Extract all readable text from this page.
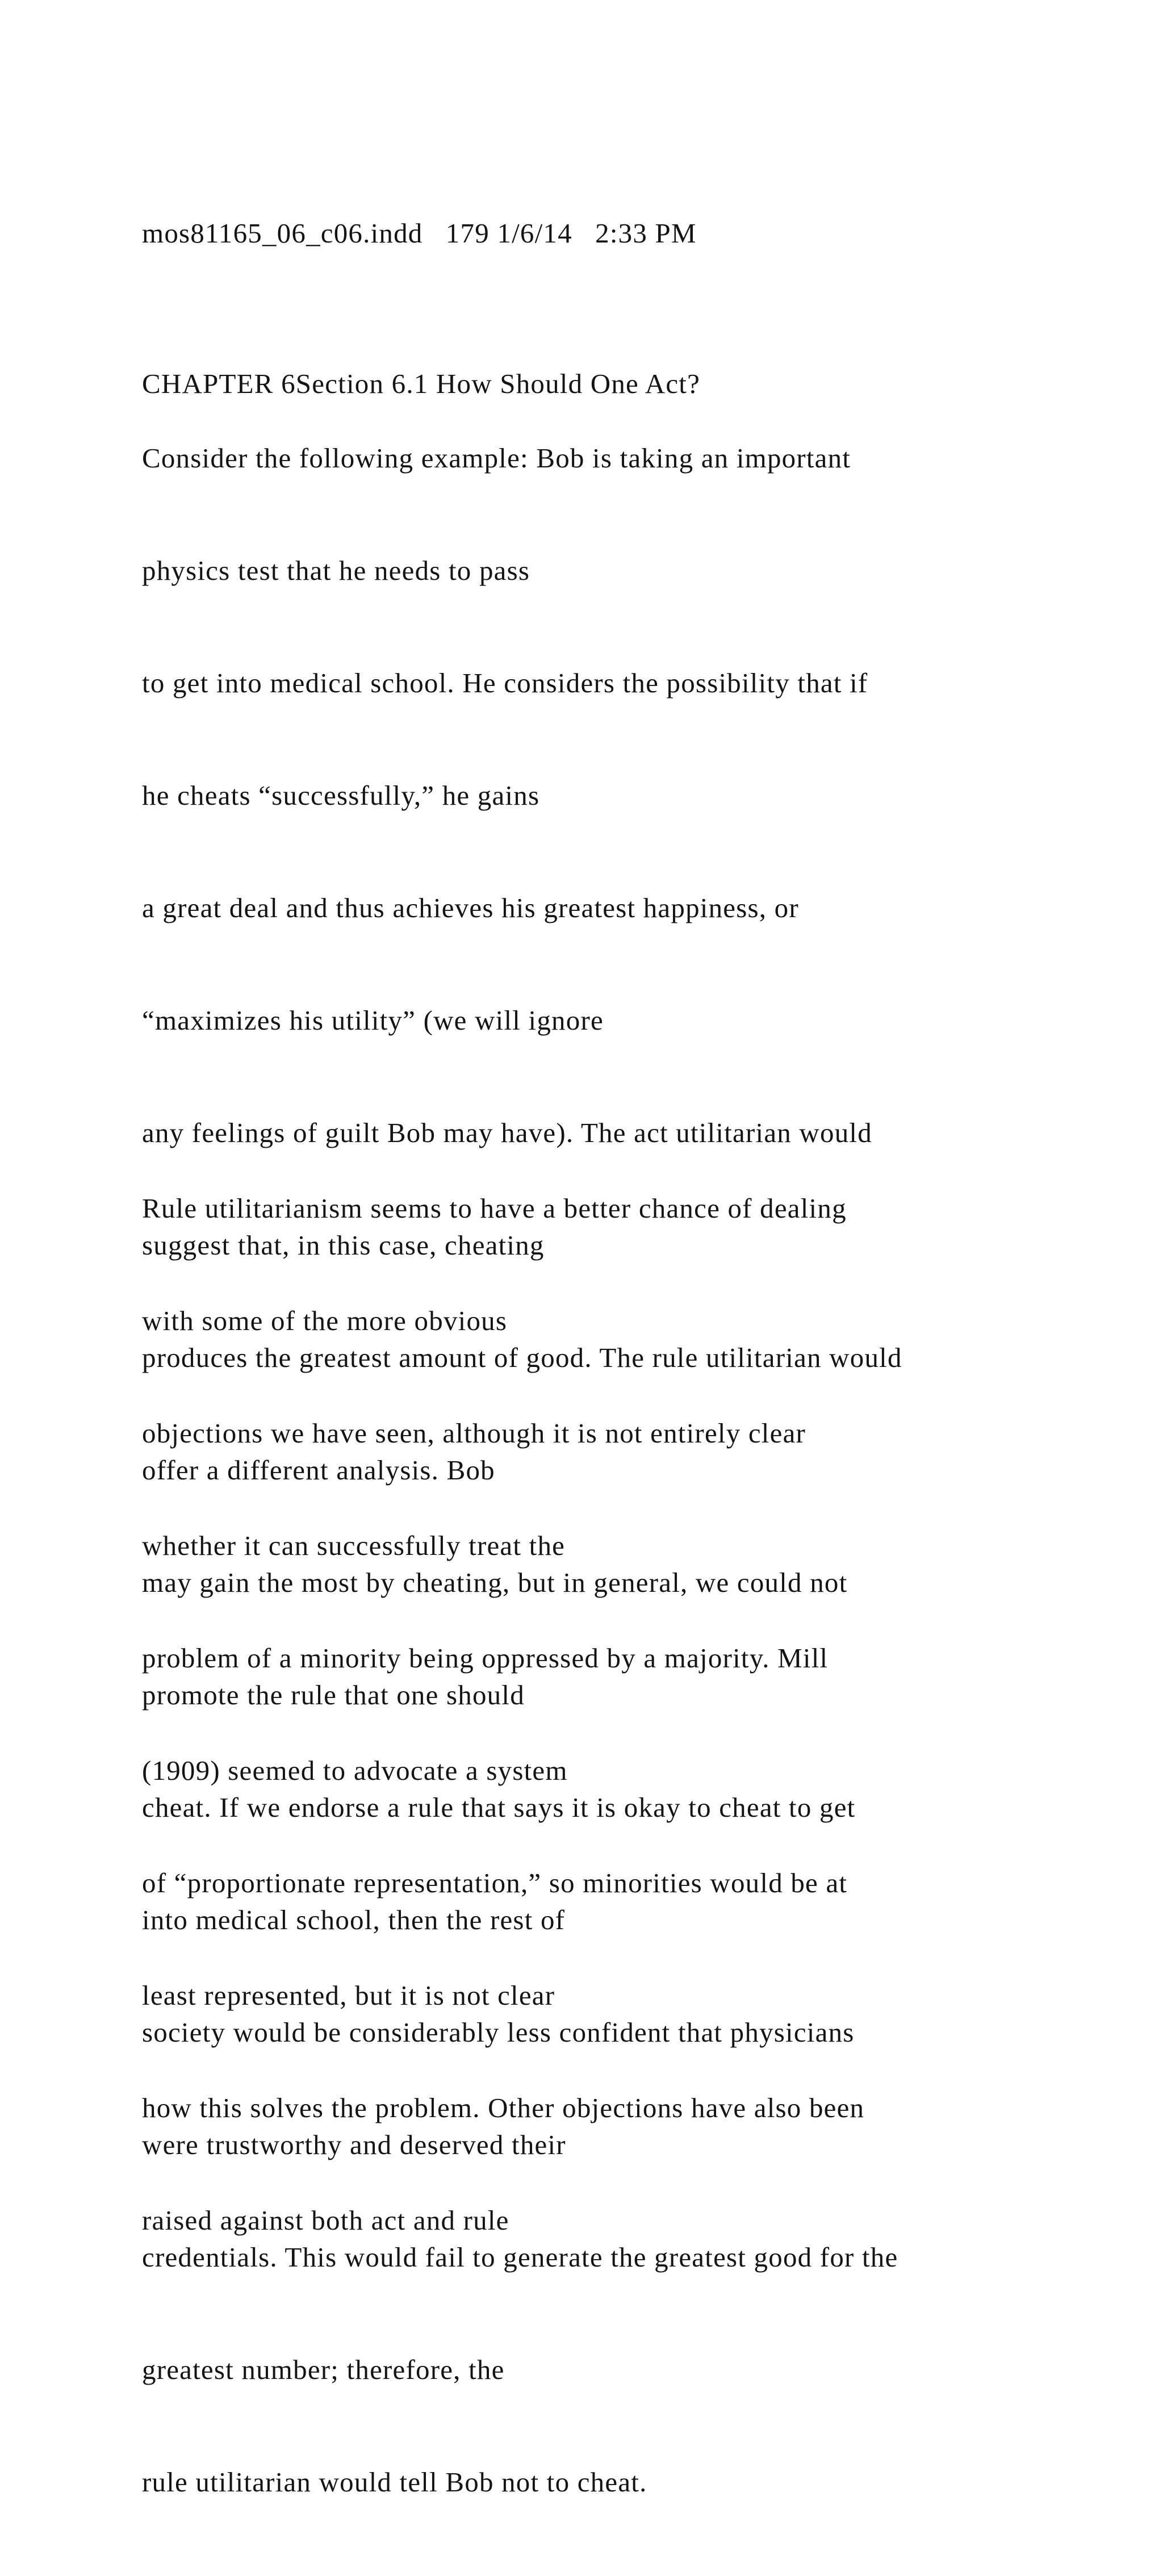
mos81165_06_c06.indd   179 1/6/14   2:33 PM

CHAPTER 6Section 6.1 How Should One Act?

Consider the following example: Bob is taking an important

physics test that he needs to pass

to get into medical school. He considers the possibility that if

he cheats “successfully,” he gains

a great deal and thus achieves his greatest happiness, or

“maximizes his utility” (we will ignore

any feelings of guilt Bob may have). The act utilitarian would

suggest that, in this case, cheating

produces the greatest amount of good. The rule utilitarian would

offer a different analysis. Bob

may gain the most by cheating, but in general, we could not

promote the rule that one should

cheat. If we endorse a rule that says it is okay to cheat to get

into medical school, then the rest of

society would be considerably less confident that physicians

were trustworthy and deserved their

credentials. This would fail to generate the greatest good for the

greatest number; therefore, the

rule utilitarian would tell Bob not to cheat.

Rule utilitarianism seems to have a better chance of dealing

with some of the more obvious

objections we have seen, although it is not entirely clear

whether it can successfully treat the

problem of a minority being oppressed by a majority. Mill

(1909) seemed to advocate a system

of “proportionate representation,” so minorities would be at

least represented, but it is not clear

how this solves the problem. Other objections have also been

raised against both act and rule
